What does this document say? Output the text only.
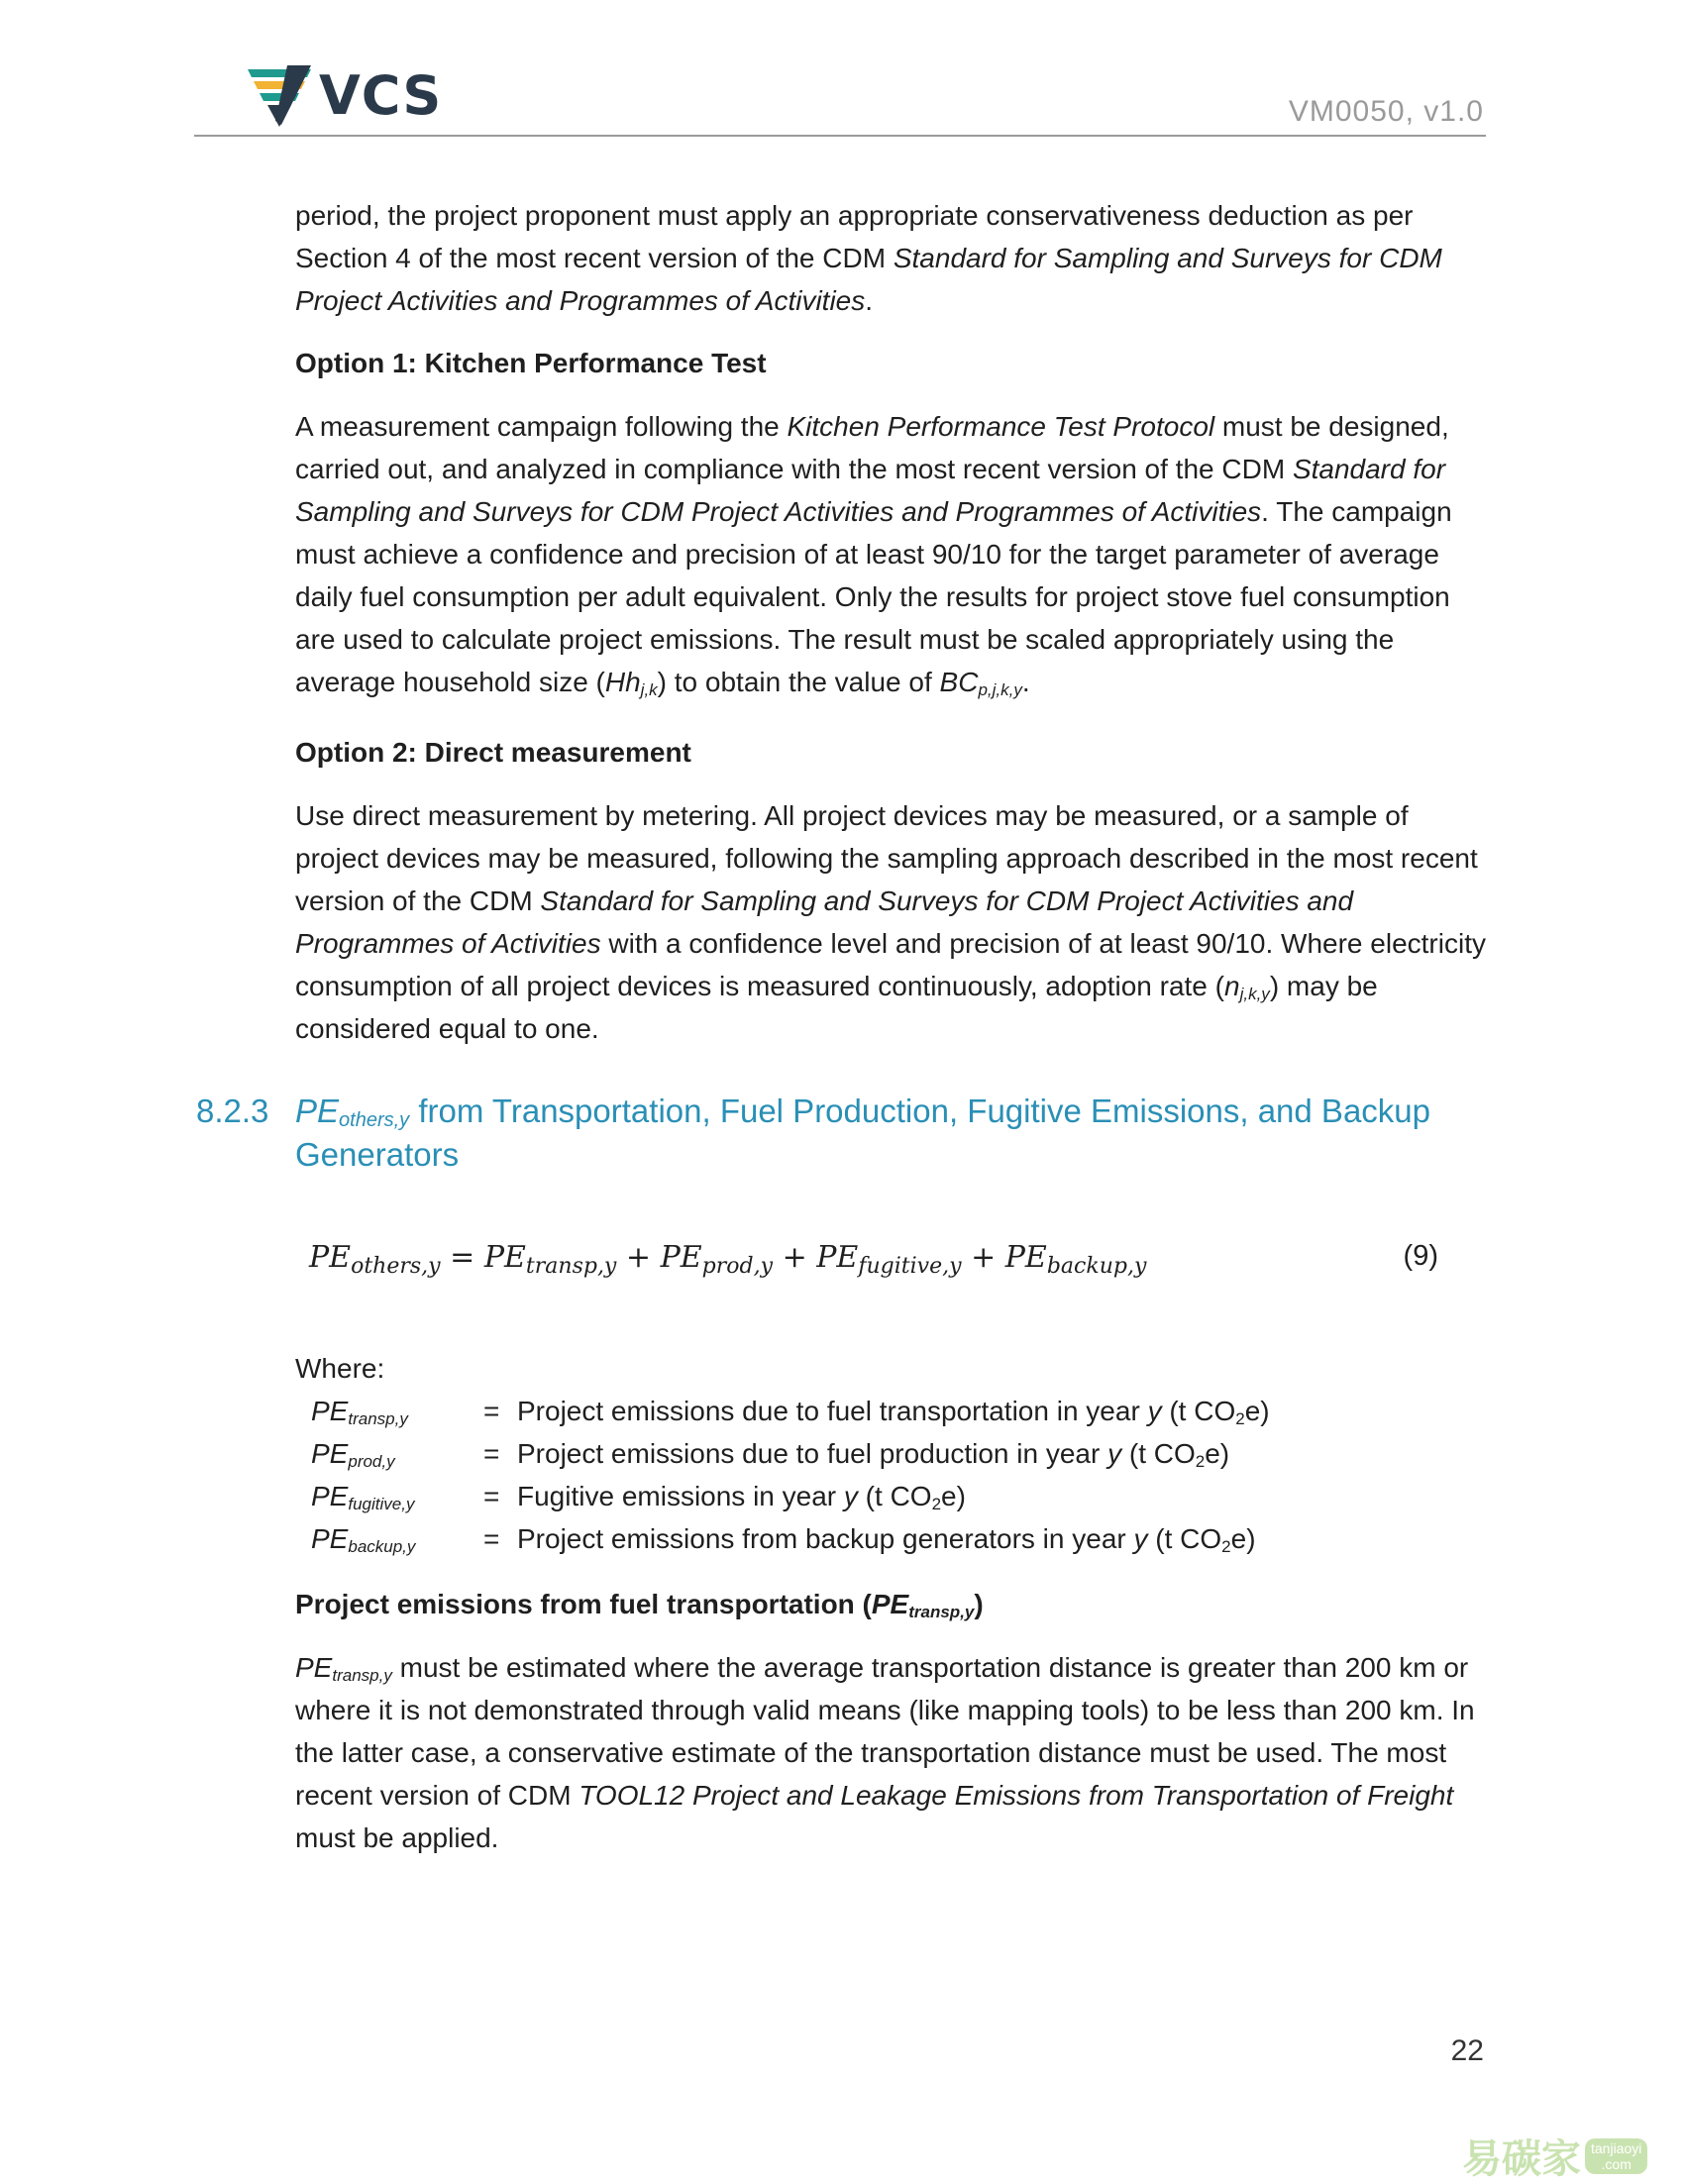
VCS	VM0050, v1.0

period, the project proponent must apply an appropriate conservativeness deduction as per Section 4 of the most recent version of the CDM Standard for Sampling and Surveys for CDM Project Activities and Programmes of Activities.

Option 1: Kitchen Performance Test

A measurement campaign following the Kitchen Performance Test Protocol must be designed, carried out, and analyzed in compliance with the most recent version of the CDM Standard for Sampling and Surveys for CDM Project Activities and Programmes of Activities. The campaign must achieve a confidence and precision of at least 90/10 for the target parameter of average daily fuel consumption per adult equivalent. Only the results for project stove fuel consumption are used to calculate project emissions. The result must be scaled appropriately using the average household size $(Hh_{j,k})$ to obtain the value of $BC_{p,j,k,y}$.

Option 2: Direct measurement

Use direct measurement by metering. All project devices may be measured, or a sample of project devices may be measured, following the sampling approach described in the most recent version of the CDM Standard for Sampling and Surveys for CDM Project Activities and Programmes of Activities with a confidence level and precision of at least 90/10. Where electricity consumption of all project devices is measured continuously, adoption rate $(n_{j,k,y})$ may be considered equal to one.

8.2.3 $PE_{others,y}$ from Transportation, Fuel Production, Fugitive Emissions, and Backup Generators
$PE_{others,y} = PE_{transp,y} + PE_{prod,y} + PE_{fugitive,y} + PE_{backup,y}$	(9)
Where:
$PE_{transp,y}$	= Project emissions due to fuel transportation in year y (t $CO_2e$)
$PE_{prod,y}$	= Project emissions due to fuel production in year y (t $CO_2e$)
$PE_{fugitive,y}$ = Fugitive emissions in year y (t $CO_2e$)
$PE_{backup,y}$ = Project emissions from backup generators in year y (t $CO_2e$)
Project emissions from fuel transportation $(PE_{transp,y})$

$PE_{transp,y}$ must be estimated where the average transportation distance is greater than 200 km or where it is not demonstrated through valid means (like mapping tools) to be less than 200 km. In the latter case, a conservative estimate of the transportation distance must be used. The most recent version of CDM TOOL12 Project and Leakage Emissions from Transportation of Freight must be applied.

22
易碳家 tanjiaoyi
.com
